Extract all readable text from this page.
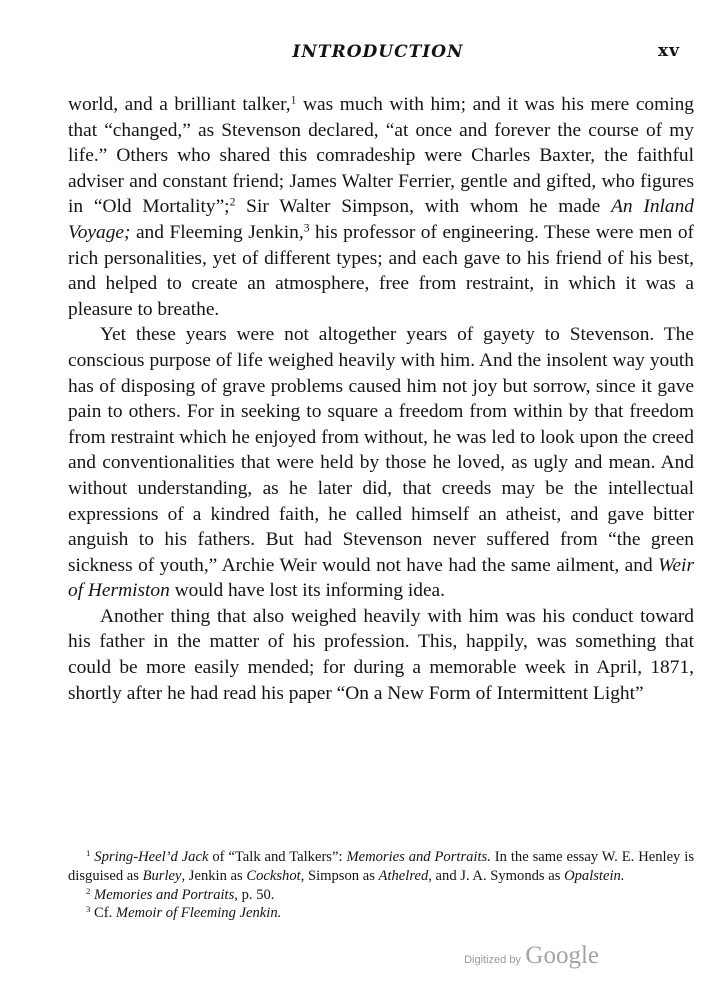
INTRODUCTION	xv

world, and a brilliant talker,$^1$ was much with him; and it was his mere coming that “changed,” as Stevenson declared, “at once and forever the course of my life.” Others who shared this comradeship were Charles Baxter, the faithful adviser and constant friend; James Walter Ferrier, gentle and gifted, who figures in “Old Mortality”;$^2$ Sir Walter Simpson, with whom he made An Inland Voyage; and Fleeming Jenkin,$^3$ his professor of engineering. These were men of rich personalities, yet of different types; and each gave to his friend of his best, and helped to create an atmosphere, free from restraint, in which it was a pleasure to breathe.

Yet these years were not altogether years of gayety to Stevenson. The conscious purpose of life weighed heavily with him. And the insolent way youth has of disposing of grave problems caused him not joy but sorrow, since it gave pain to others. For in seeking to square a freedom from within by that freedom from restraint which he enjoyed from without, he was led to look upon the creed and conventionalities that were held by those he loved, as ugly and mean. And without understanding, as he later did, that creeds may be the intellectual expressions of a kindred faith, he called himself an atheist, and gave bitter anguish to his fathers. But had Stevenson never suffered from “the green sickness of youth,” Archie Weir would not have had the same ailment, and Weir of Hermiston would have lost its informing idea.

Another thing that also weighed heavily with him was his conduct toward his father in the matter of his profession. This, happily, was something that could be more easily mended; for during a memorable week in April, 1871, shortly after he had read his paper “On a New Form of Intermittent Light”

$^1$ Spring-Heel’d Jack of “Talk and Talkers”: Memories and Portraits. In the same essay W. E. Henley is disguised as Burley, Jenkin as Cockshot, Simpson as Athelred, and J. A. Symonds as Opalstein.
$^2$ Memories and Portraits, p. 50.
$^3$ Cf. Memoir of Fleeming Jenkin.
Digitized by Google
